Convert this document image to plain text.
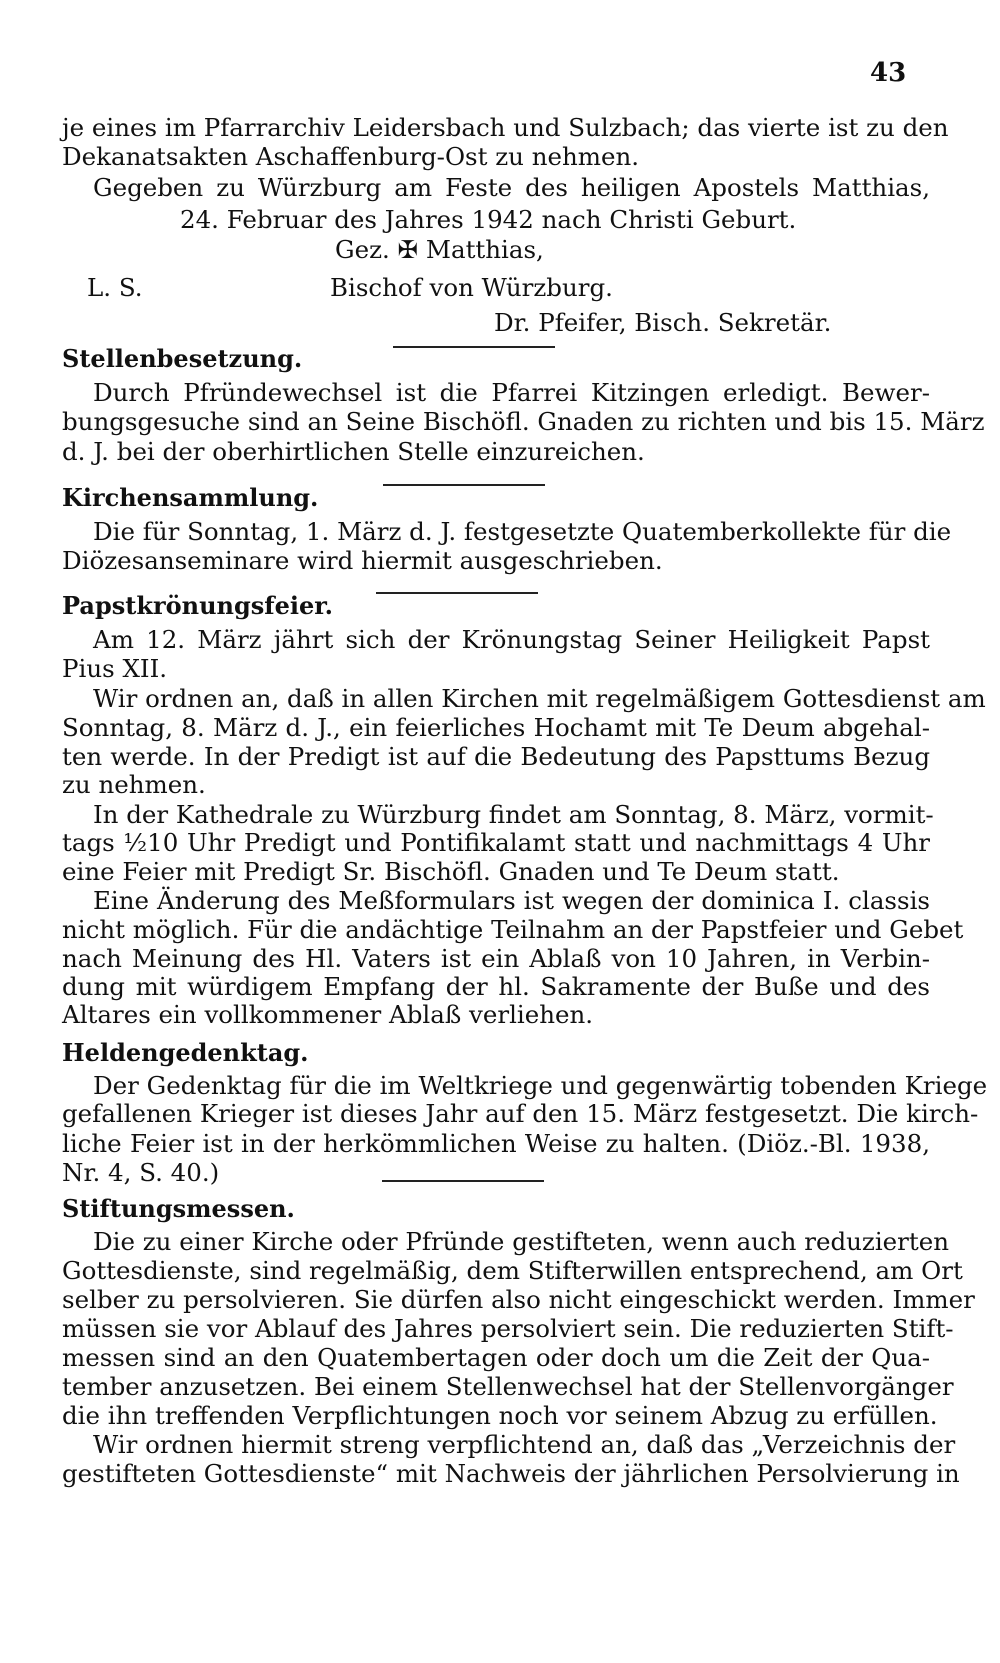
43
je eines im Pfarrarchiv Leidersbach und Sulzbach; das vierte ist zu den
Dekanatsakten Aschaffenburg-Ost zu nehmen.
Gegeben zu Würzburg am Feste des heiligen Apostels Matthias,
24. Februar des Jahres 1942 nach Christi Geburt.
Gez. ✠ Matthias,
L. S.	Bischof von Würzburg.
Dr. Pfeifer, Bisch. Sekretär.
Stellenbesetzung.
Durch Pfründewechsel ist die Pfarrei Kitzingen erledigt. Bewer-
bungsgesuche sind an Seine Bischöfl. Gnaden zu richten und bis 15. März
d. J. bei der oberhirtlichen Stelle einzureichen.
Kirchensammlung.
Die für Sonntag, 1. März d. J. festgesetzte Quatemberkollekte für die
Diözesanseminare wird hiermit ausgeschrieben.
Papstkrönungsfeier.
Am 12. März jährt sich der Krönungstag Seiner Heiligkeit Papst
Pius XII.
Wir ordnen an, daß in allen Kirchen mit regelmäßigem Gottesdienst am
Sonntag, 8. März d. J., ein feierliches Hochamt mit Te Deum abgehal-
ten werde. In der Predigt ist auf die Bedeutung des Papsttums Bezug
zu nehmen.
In der Kathedrale zu Würzburg findet am Sonntag, 8. März, vormit-
tags ½10 Uhr Predigt und Pontifikalamt statt und nachmittags 4 Uhr
eine Feier mit Predigt Sr. Bischöfl. Gnaden und Te Deum statt.
Eine Änderung des Meßformulars ist wegen der dominica I. classis
nicht möglich. Für die andächtige Teilnahm an der Papstfeier und Gebet
nach Meinung des Hl. Vaters ist ein Ablaß von 10 Jahren, in Verbin-
dung mit würdigem Empfang der hl. Sakramente der Buße und des
Altares ein vollkommener Ablaß verliehen.
Heldengedenktag.
Der Gedenktag für die im Weltkriege und gegenwärtig tobenden Kriege
gefallenen Krieger ist dieses Jahr auf den 15. März festgesetzt. Die kirch-
liche Feier ist in der herkömmlichen Weise zu halten. (Diöz.-Bl. 1938,
Nr. 4, S. 40.)
Stiftungsmessen.
Die zu einer Kirche oder Pfründe gestifteten, wenn auch reduzierten
Gottesdienste, sind regelmäßig, dem Stifterwillen entsprechend, am Ort
selber zu persolvieren. Sie dürfen also nicht eingeschickt werden. Immer
müssen sie vor Ablauf des Jahres persolviert sein. Die reduzierten Stift-
messen sind an den Quatembertagen oder doch um die Zeit der Qua-
tember anzusetzen. Bei einem Stellenwechsel hat der Stellenvorgänger
die ihn treffenden Verpflichtungen noch vor seinem Abzug zu erfüllen.
Wir ordnen hiermit streng verpflichtend an, daß das „Verzeichnis der
gestifteten Gottesdienste“ mit Nachweis der jährlichen Persolvierung in
